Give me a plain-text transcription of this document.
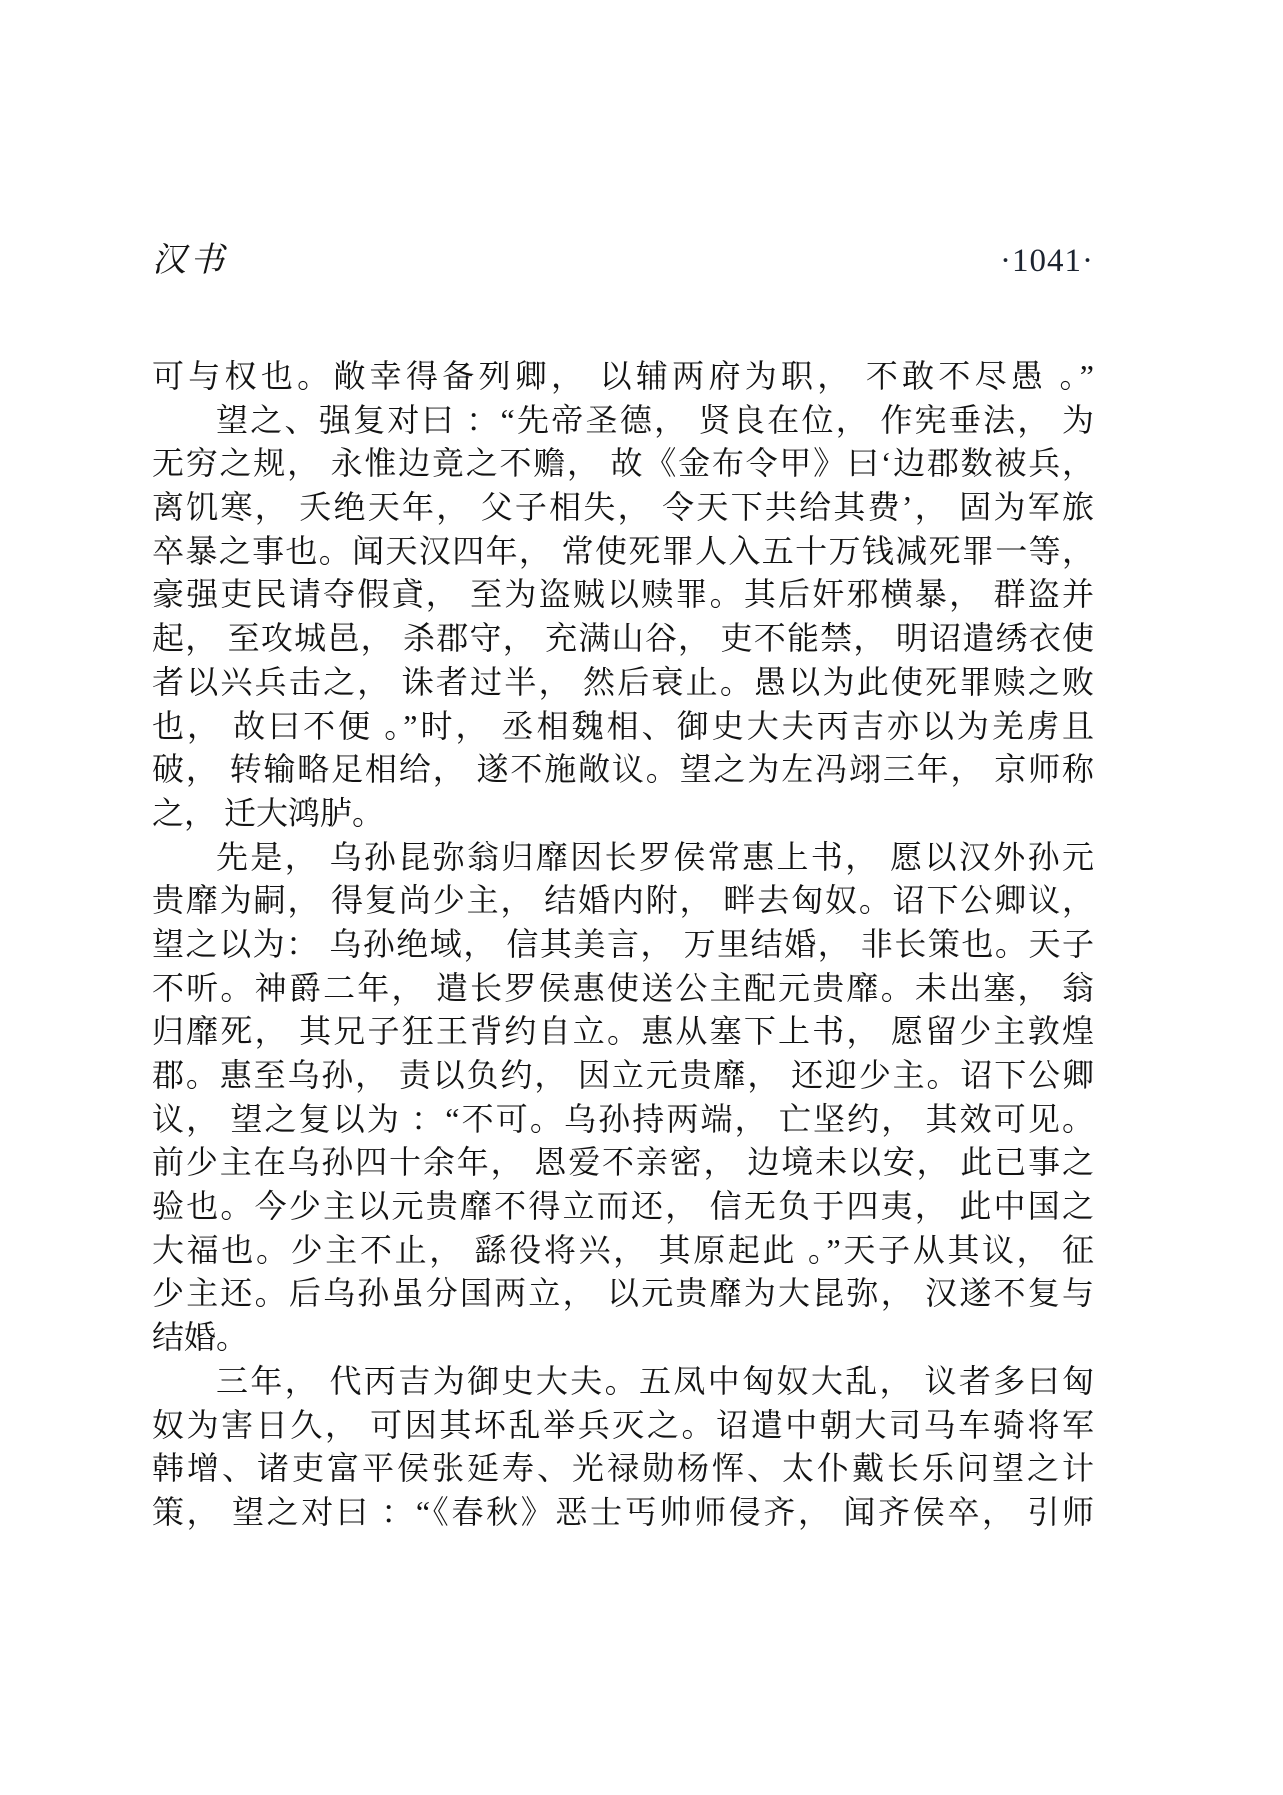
汉书	·1041·
可与权也。敞幸得备列卿， 以辅两府为职， 不敢不尽愚 。”
望之、强复对曰 ：“先帝圣德， 贤良在位， 作宪垂法， 为
无穷之规， 永惟边竟之不赡， 故《金布令甲》曰‘边郡数被兵，
离饥寒， 夭绝天年， 父子相失， 令天下共给其费’， 固为军旅
卒暴之事也。闻天汉四年， 常使死罪人入五十万钱减死罪一等，
豪强吏民请夺假貣， 至为盗贼以赎罪。其后奸邪横暴， 群盗并
起， 至攻城邑， 杀郡守， 充满山谷， 吏不能禁， 明诏遣绣衣使
者以兴兵击之， 诛者过半， 然后衰止。愚以为此使死罪赎之败
也， 故曰不便 。”时， 丞相魏相、御史大夫丙吉亦以为羌虏且
破， 转输略足相给， 遂不施敞议。望之为左冯翊三年， 京师称
之， 迁大鸿胪。
先是， 乌孙昆弥翁归靡因长罗侯常惠上书， 愿以汉外孙元
贵靡为嗣， 得复尚少主， 结婚内附， 畔去匈奴。诏下公卿议，
望之以为： 乌孙绝域， 信其美言， 万里结婚， 非长策也。天子
不听。神爵二年， 遣长罗侯惠使送公主配元贵靡。未出塞， 翁
归靡死， 其兄子狂王背约自立。惠从塞下上书， 愿留少主敦煌
郡。惠至乌孙， 责以负约， 因立元贵靡， 还迎少主。诏下公卿
议， 望之复以为 ：“不可。乌孙持两端， 亡坚约， 其效可见。
前少主在乌孙四十余年， 恩爱不亲密， 边境未以安， 此已事之
验也。今少主以元贵靡不得立而还， 信无负于四夷， 此中国之
大福也。少主不止， 繇役将兴， 其原起此 。”天子从其议， 征
少主还。后乌孙虽分国两立， 以元贵靡为大昆弥， 汉遂不复与
结婚。
三年， 代丙吉为御史大夫。五凤中匈奴大乱， 议者多曰匈
奴为害日久， 可因其坏乱举兵灭之。诏遣中朝大司马车骑将军
韩增、诸吏富平侯张延寿、光禄勋杨恽、太仆戴长乐问望之计
策， 望之对曰 ：“《春秋》恶士丐帅师侵齐， 闻齐侯卒， 引师
